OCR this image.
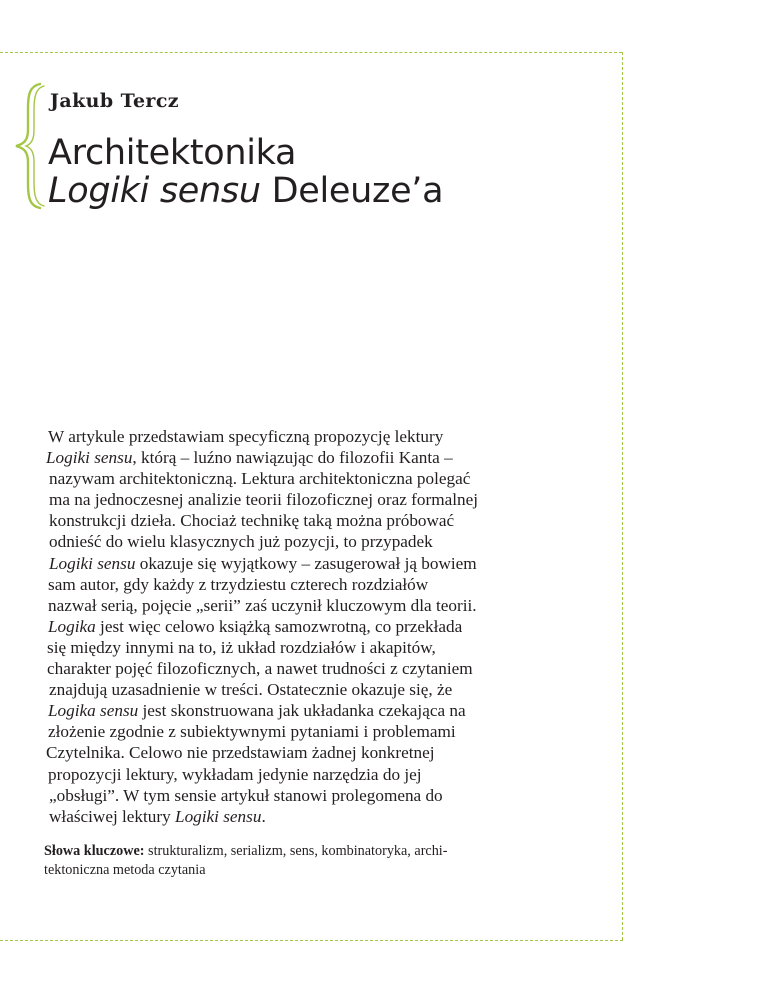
Jakub Tercz

Architektonika
Logiki sensu Deleuze’a
W artykule przedstawiam specyficzną propozycję lektury
Logiki sensu, którą – luźno nawiązując do filozofii Kanta –
nazywam architektoniczną. Lektura architektoniczna polegać
ma na jednoczesnej analizie teorii filozoficznej oraz formalnej
konstrukcji dzieła. Chociaż technikę taką można próbować
odnieść do wielu klasycznych już pozycji, to przypadek
Logiki sensu okazuje się wyjątkowy – zasugerował ją bowiem
sam autor, gdy każdy z trzydziestu czterech rozdziałów
nazwał serią, pojęcie „serii” zaś uczynił kluczowym dla teorii.
Logika jest więc celowo książką samozwrotną, co przekłada
się między innymi na to, iż układ rozdziałów i akapitów,
charakter pojęć filozoficznych, a nawet trudności z czytaniem
znajdują uzasadnienie w treści. Ostatecznie okazuje się, że
Logika sensu jest skonstruowana jak układanka czekająca na
złożenie zgodnie z subiektywnymi pytaniami i problemami
Czytelnika. Celowo nie przedstawiam żadnej konkretnej
propozycji lektury, wykładam jedynie narzędzia do jej
„obsługi”. W tym sensie artykuł stanowi prolegomena do
właściwej lektury Logiki sensu.
Słowa kluczowe: strukturalizm, serializm, sens, kombinatoryka, archi-
tektoniczna metoda czytania
